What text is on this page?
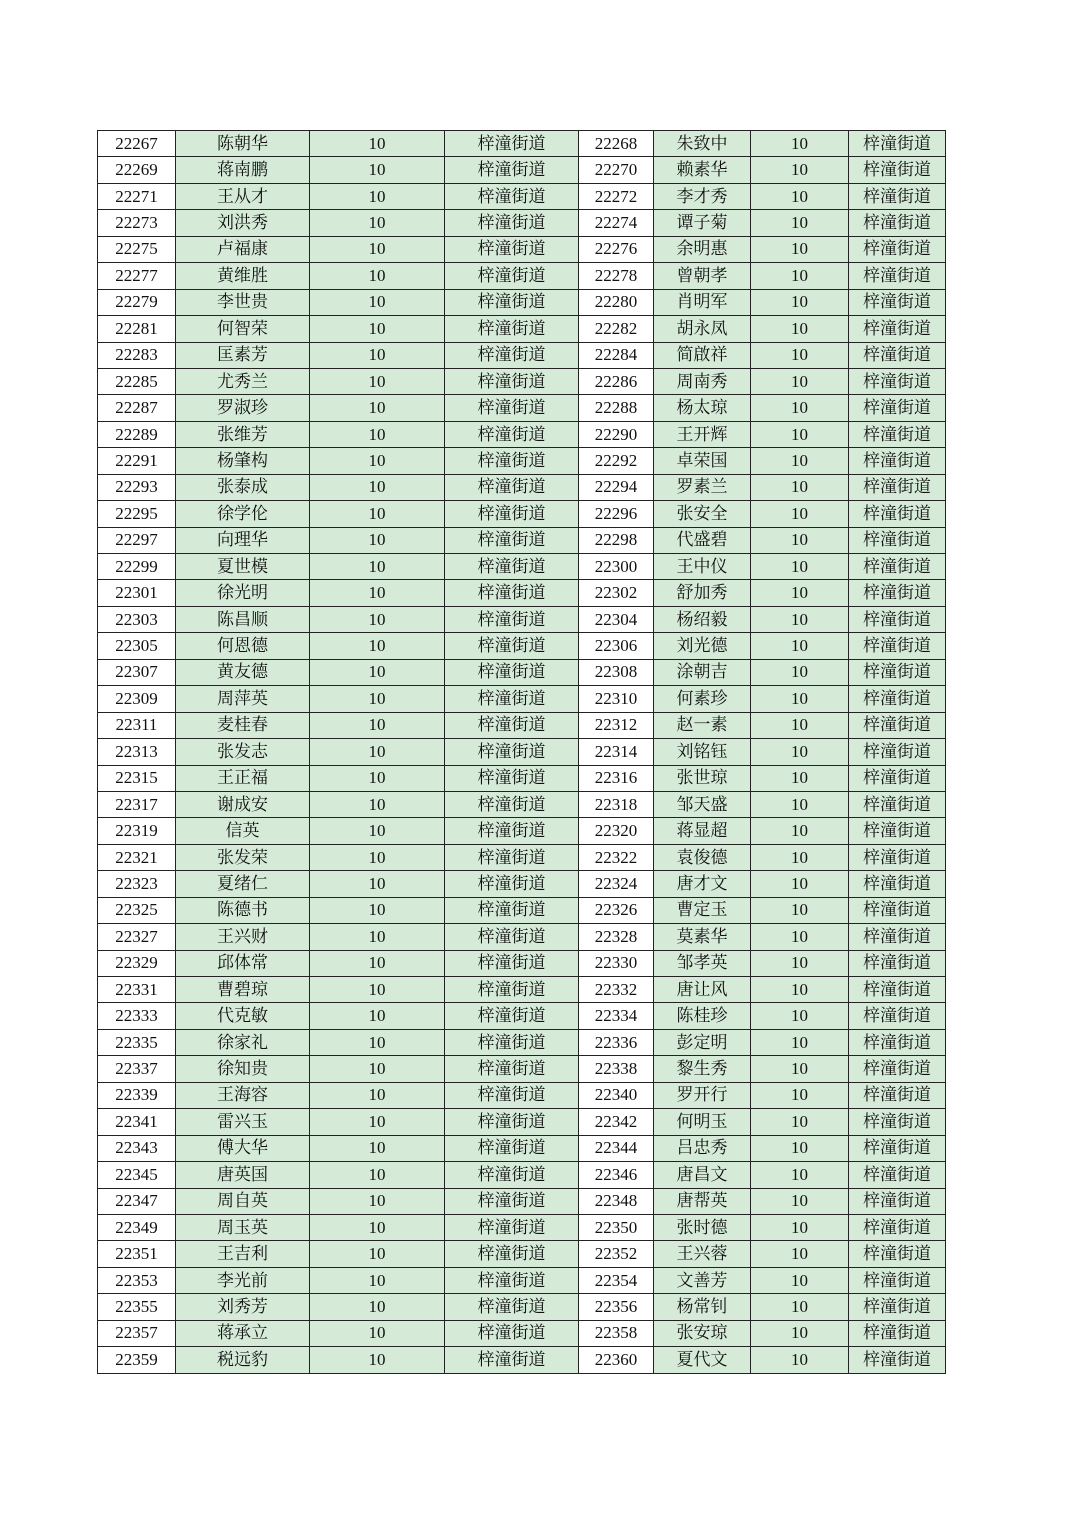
22267	陈朝华	10	梓潼街道	22268	朱致中	10	梓潼街道
22269	蒋南鹏	10	梓潼街道	22270	赖素华	10	梓潼街道
22271	王从才	10	梓潼街道	22272	李才秀	10	梓潼街道
22273	刘洪秀	10	梓潼街道	22274	谭子菊	10	梓潼街道
22275	卢福康	10	梓潼街道	22276	余明惠	10	梓潼街道
22277	黄维胜	10	梓潼街道	22278	曾朝孝	10	梓潼街道
22279	李世贵	10	梓潼街道	22280	肖明军	10	梓潼街道
22281	何智荣	10	梓潼街道	22282	胡永凤	10	梓潼街道
22283	匡素芳	10	梓潼街道	22284	简啟祥	10	梓潼街道
22285	尤秀兰	10	梓潼街道	22286	周南秀	10	梓潼街道
22287	罗淑珍	10	梓潼街道	22288	杨太琼	10	梓潼街道
22289	张维芳	10	梓潼街道	22290	王开辉	10	梓潼街道
22291	杨肇构	10	梓潼街道	22292	卓荣国	10	梓潼街道
22293	张泰成	10	梓潼街道	22294	罗素兰	10	梓潼街道
22295	徐学伦	10	梓潼街道	22296	张安全	10	梓潼街道
22297	向理华	10	梓潼街道	22298	代盛碧	10	梓潼街道
22299	夏世模	10	梓潼街道	22300	王中仪	10	梓潼街道
22301	徐光明	10	梓潼街道	22302	舒加秀	10	梓潼街道
22303	陈昌顺	10	梓潼街道	22304	杨绍毅	10	梓潼街道
22305	何恩德	10	梓潼街道	22306	刘光德	10	梓潼街道
22307	黄友德	10	梓潼街道	22308	涂朝吉	10	梓潼街道
22309	周萍英	10	梓潼街道	22310	何素珍	10	梓潼街道
22311	麦桂春	10	梓潼街道	22312	赵一素	10	梓潼街道
22313	张发志	10	梓潼街道	22314	刘铭钰	10	梓潼街道
22315	王正福	10	梓潼街道	22316	张世琼	10	梓潼街道
22317	谢成安	10	梓潼街道	22318	邹天盛	10	梓潼街道
22319	信英	10	梓潼街道	22320	蒋显超	10	梓潼街道
22321	张发荣	10	梓潼街道	22322	袁俊德	10	梓潼街道
22323	夏绪仁	10	梓潼街道	22324	唐才文	10	梓潼街道
22325	陈德书	10	梓潼街道	22326	曹定玉	10	梓潼街道
22327	王兴财	10	梓潼街道	22328	莫素华	10	梓潼街道
22329	邱体常	10	梓潼街道	22330	邹孝英	10	梓潼街道
22331	曹碧琼	10	梓潼街道	22332	唐让风	10	梓潼街道
22333	代克敏	10	梓潼街道	22334	陈桂珍	10	梓潼街道
22335	徐家礼	10	梓潼街道	22336	彭定明	10	梓潼街道
22337	徐知贵	10	梓潼街道	22338	黎生秀	10	梓潼街道
22339	王海容	10	梓潼街道	22340	罗开行	10	梓潼街道
22341	雷兴玉	10	梓潼街道	22342	何明玉	10	梓潼街道
22343	傅大华	10	梓潼街道	22344	吕忠秀	10	梓潼街道
22345	唐英国	10	梓潼街道	22346	唐昌文	10	梓潼街道
22347	周自英	10	梓潼街道	22348	唐帮英	10	梓潼街道
22349	周玉英	10	梓潼街道	22350	张时德	10	梓潼街道
22351	王吉利	10	梓潼街道	22352	王兴蓉	10	梓潼街道
22353	李光前	10	梓潼街道	22354	文善芳	10	梓潼街道
22355	刘秀芳	10	梓潼街道	22356	杨常钊	10	梓潼街道
22357	蒋承立	10	梓潼街道	22358	张安琼	10	梓潼街道
22359	税远豹	10	梓潼街道	22360	夏代文	10	梓潼街道
